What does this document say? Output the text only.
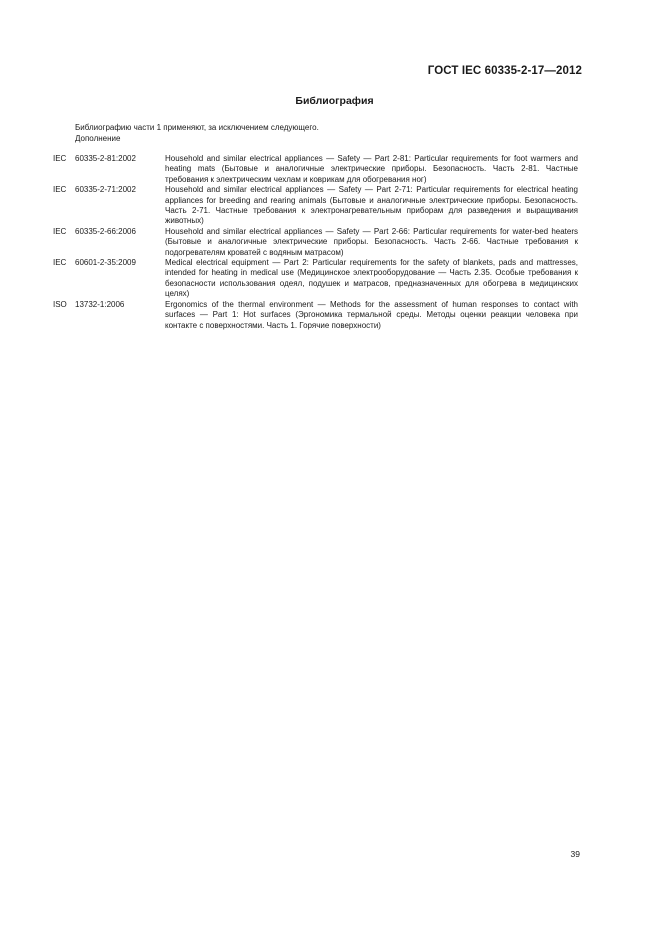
ГОСТ IEC 60335-2-17—2012
Библиография
Библиографию части 1 применяют, за исключением следующего.
Дополнение
IEC	60335-2-81:2002	Household and similar electrical appliances — Safety — Part 2-81: Particular requirements for foot warmers and heating mats (Бытовые и аналогичные электрические приборы. Безопасность. Часть 2-81. Частные требования к электрическим чехлам и коврикам для обогревания ног)
IEC	60335-2-71:2002	Household and similar electrical appliances — Safety — Part 2-71: Particular requirements for electrical heating appliances for breeding and rearing animals (Бытовые и аналогичные электрические приборы. Безопасность. Часть 2-71. Частные требования к электронагревательным приборам для разведения и выращивания животных)
IEC	60335-2-66:2006	Household and similar electrical appliances — Safety — Part 2-66: Particular requirements for water-bed heaters (Бытовые и аналогичные электрические приборы. Безопасность. Часть 2-66. Частные требования к подогревателям кроватей с водяным матрасом)
IEC	60601-2-35:2009	Medical electrical equipment — Part 2: Particular requirements for the safety of blankets, pads and mattresses, intended for heating in medical use (Медицинское электрооборудование — Часть 2.35. Особые требования к безопасности использования одеял, подушек и матрасов, предназначенных для обогрева в медицинских целях)
ISO	13732-1:2006	Ergonomics of the thermal environment — Methods for the assessment of human responses to contact with surfaces — Part 1: Hot surfaces (Эргономика термальной среды. Методы оценки реакции человека при контакте с поверхностями. Часть 1. Горячие поверхности)
39
